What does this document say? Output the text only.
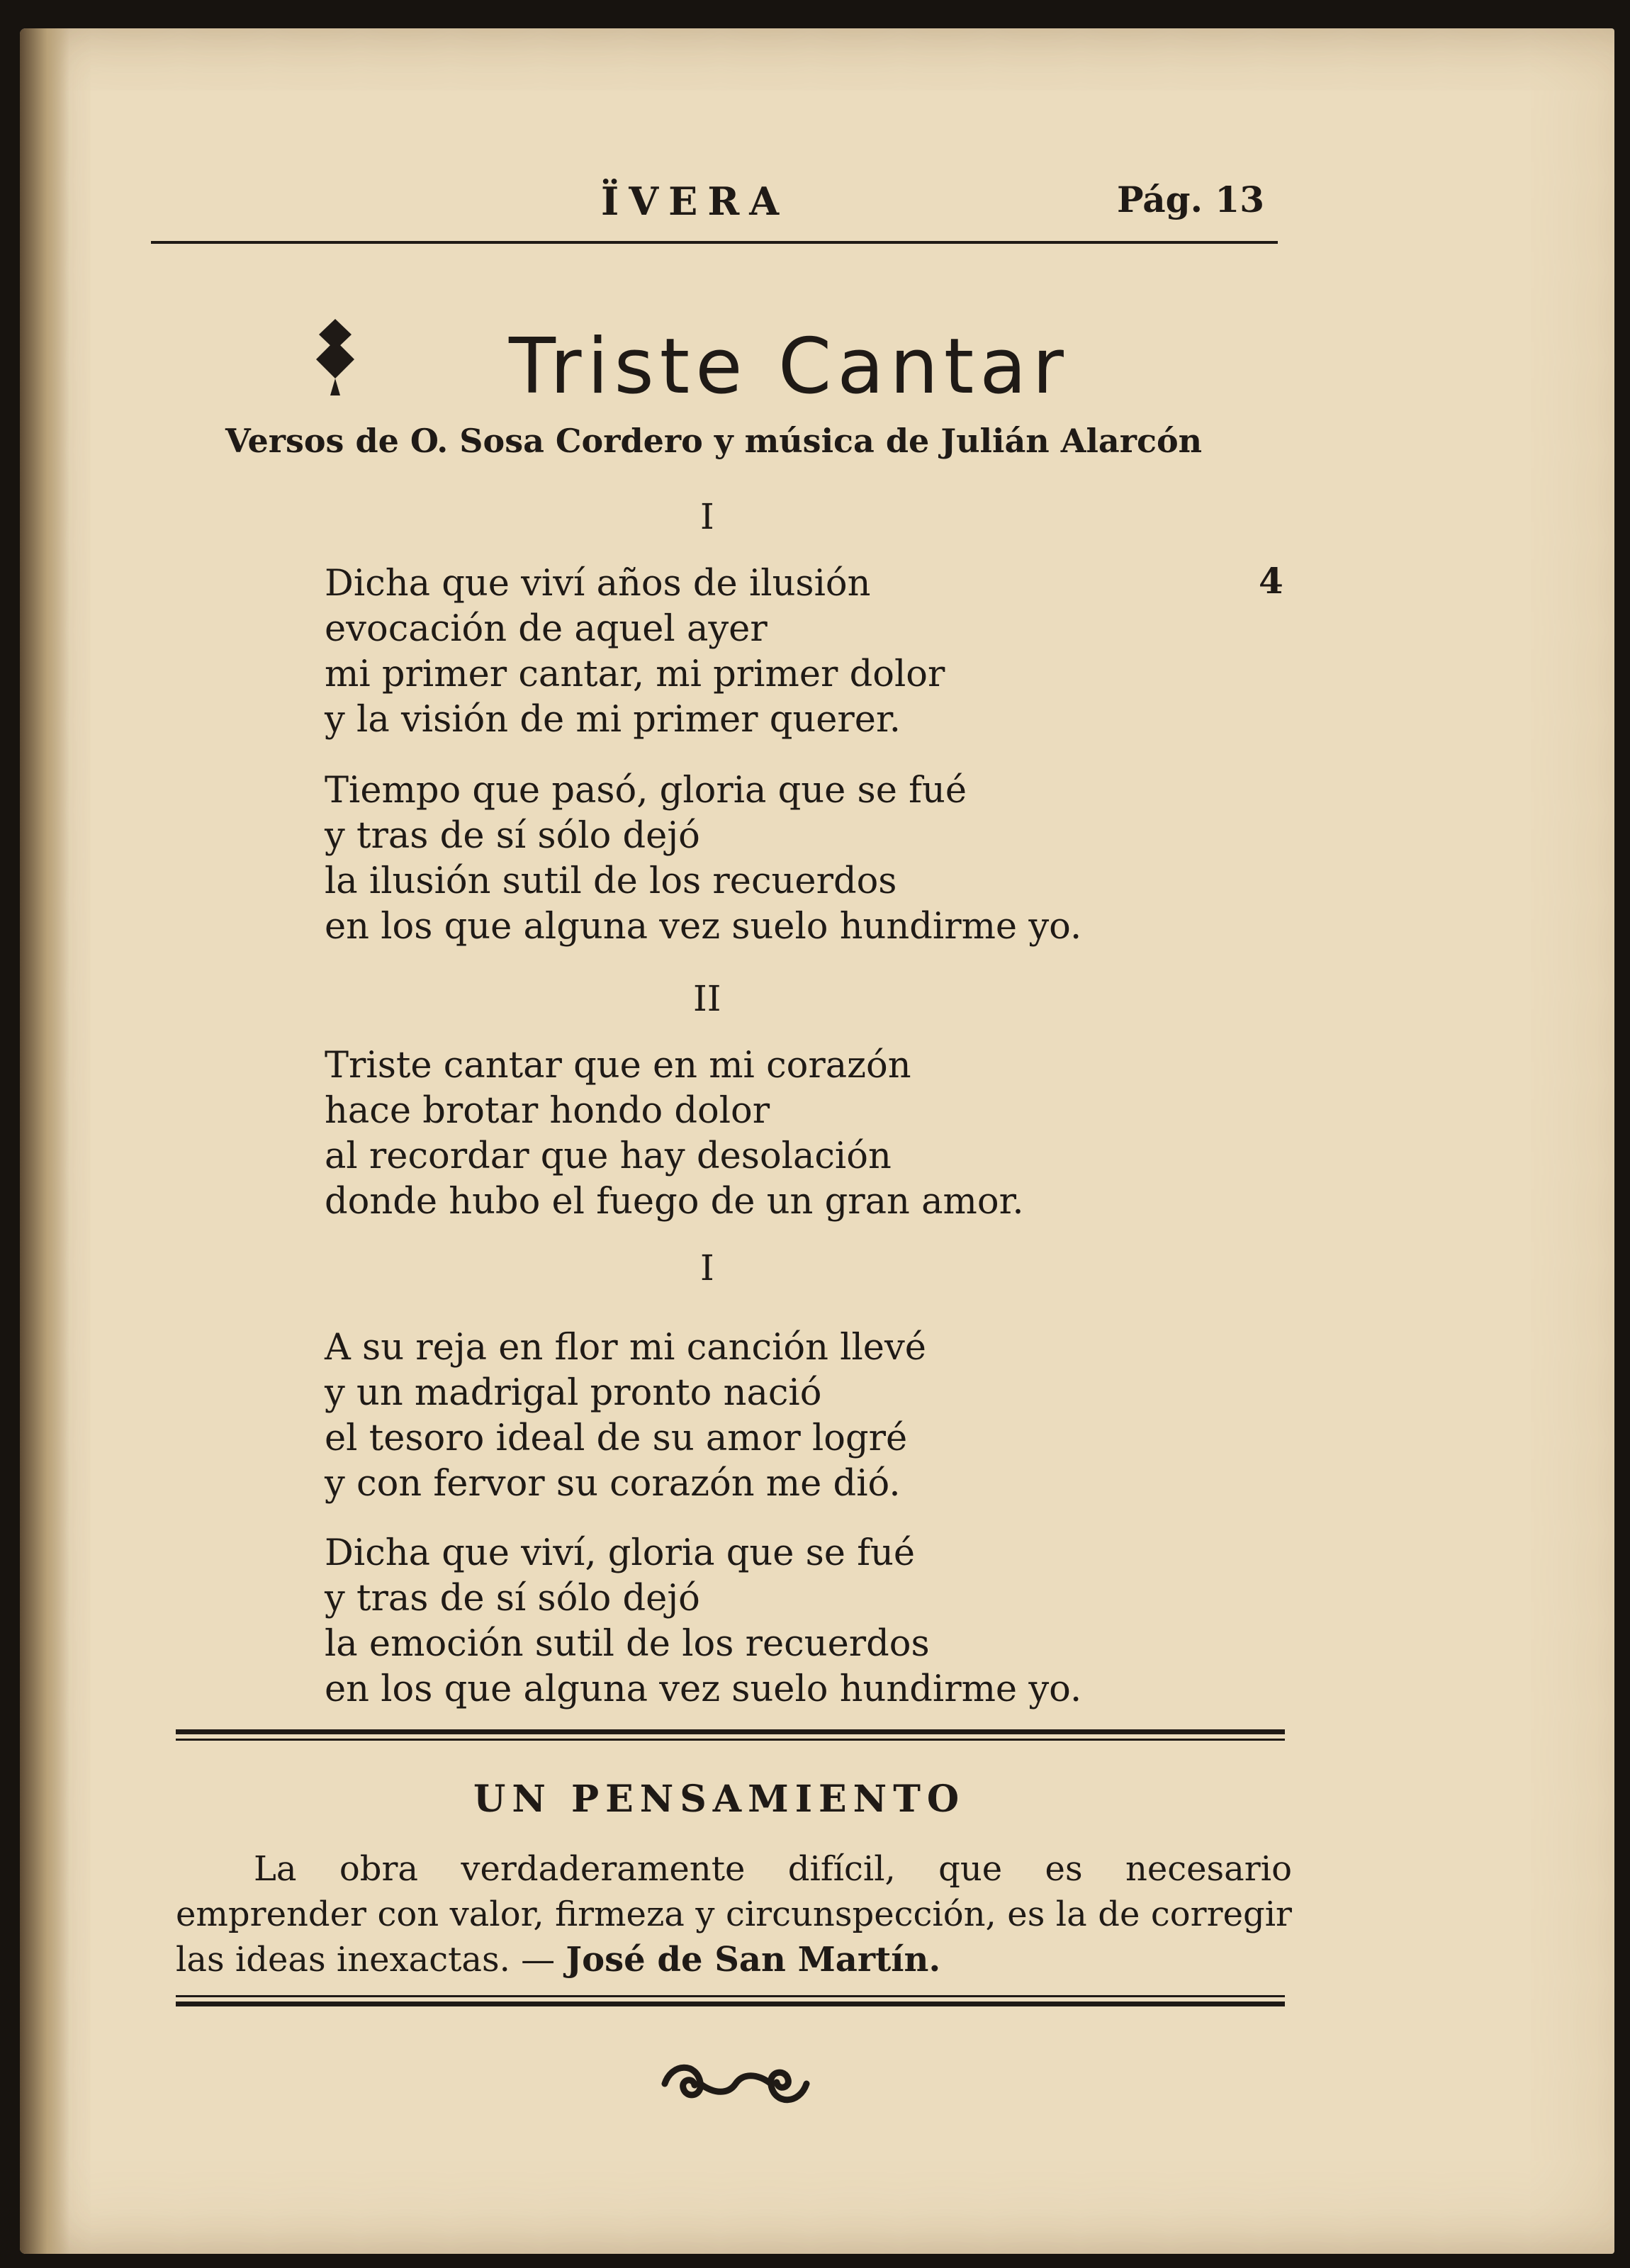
ÏVERA	Pág. 13
Triste Cantar
Versos de O. Sosa Cordero y música de Julián Alarcón
I
4
Dicha que viví años de ilusión
evocación de aquel ayer
mi primer cantar, mi primer dolor
y la visión de mi primer querer.
Tiempo que pasó, gloria que se fué
y tras de sí sólo dejó
la ilusión sutil de los recuerdos
en los que alguna vez suelo hundirme yo.
II
Triste cantar que en mi corazón
hace brotar hondo dolor
al recordar que hay desolación
donde hubo el fuego de un gran amor.
I
A su reja en flor mi canción llevé
y un madrigal pronto nació
el tesoro ideal de su amor logré
y con fervor su corazón me dió.
Dicha que viví, gloria que se fué
y tras de sí sólo dejó
la emoción sutil de los recuerdos
en los que alguna vez suelo hundirme yo.
UN PENSAMIENTO

La obra verdaderamente difícil, que es necesario emprender con valor, firmeza y circunspección, es la de corregir las ideas inexactas. — José de San Martín.
